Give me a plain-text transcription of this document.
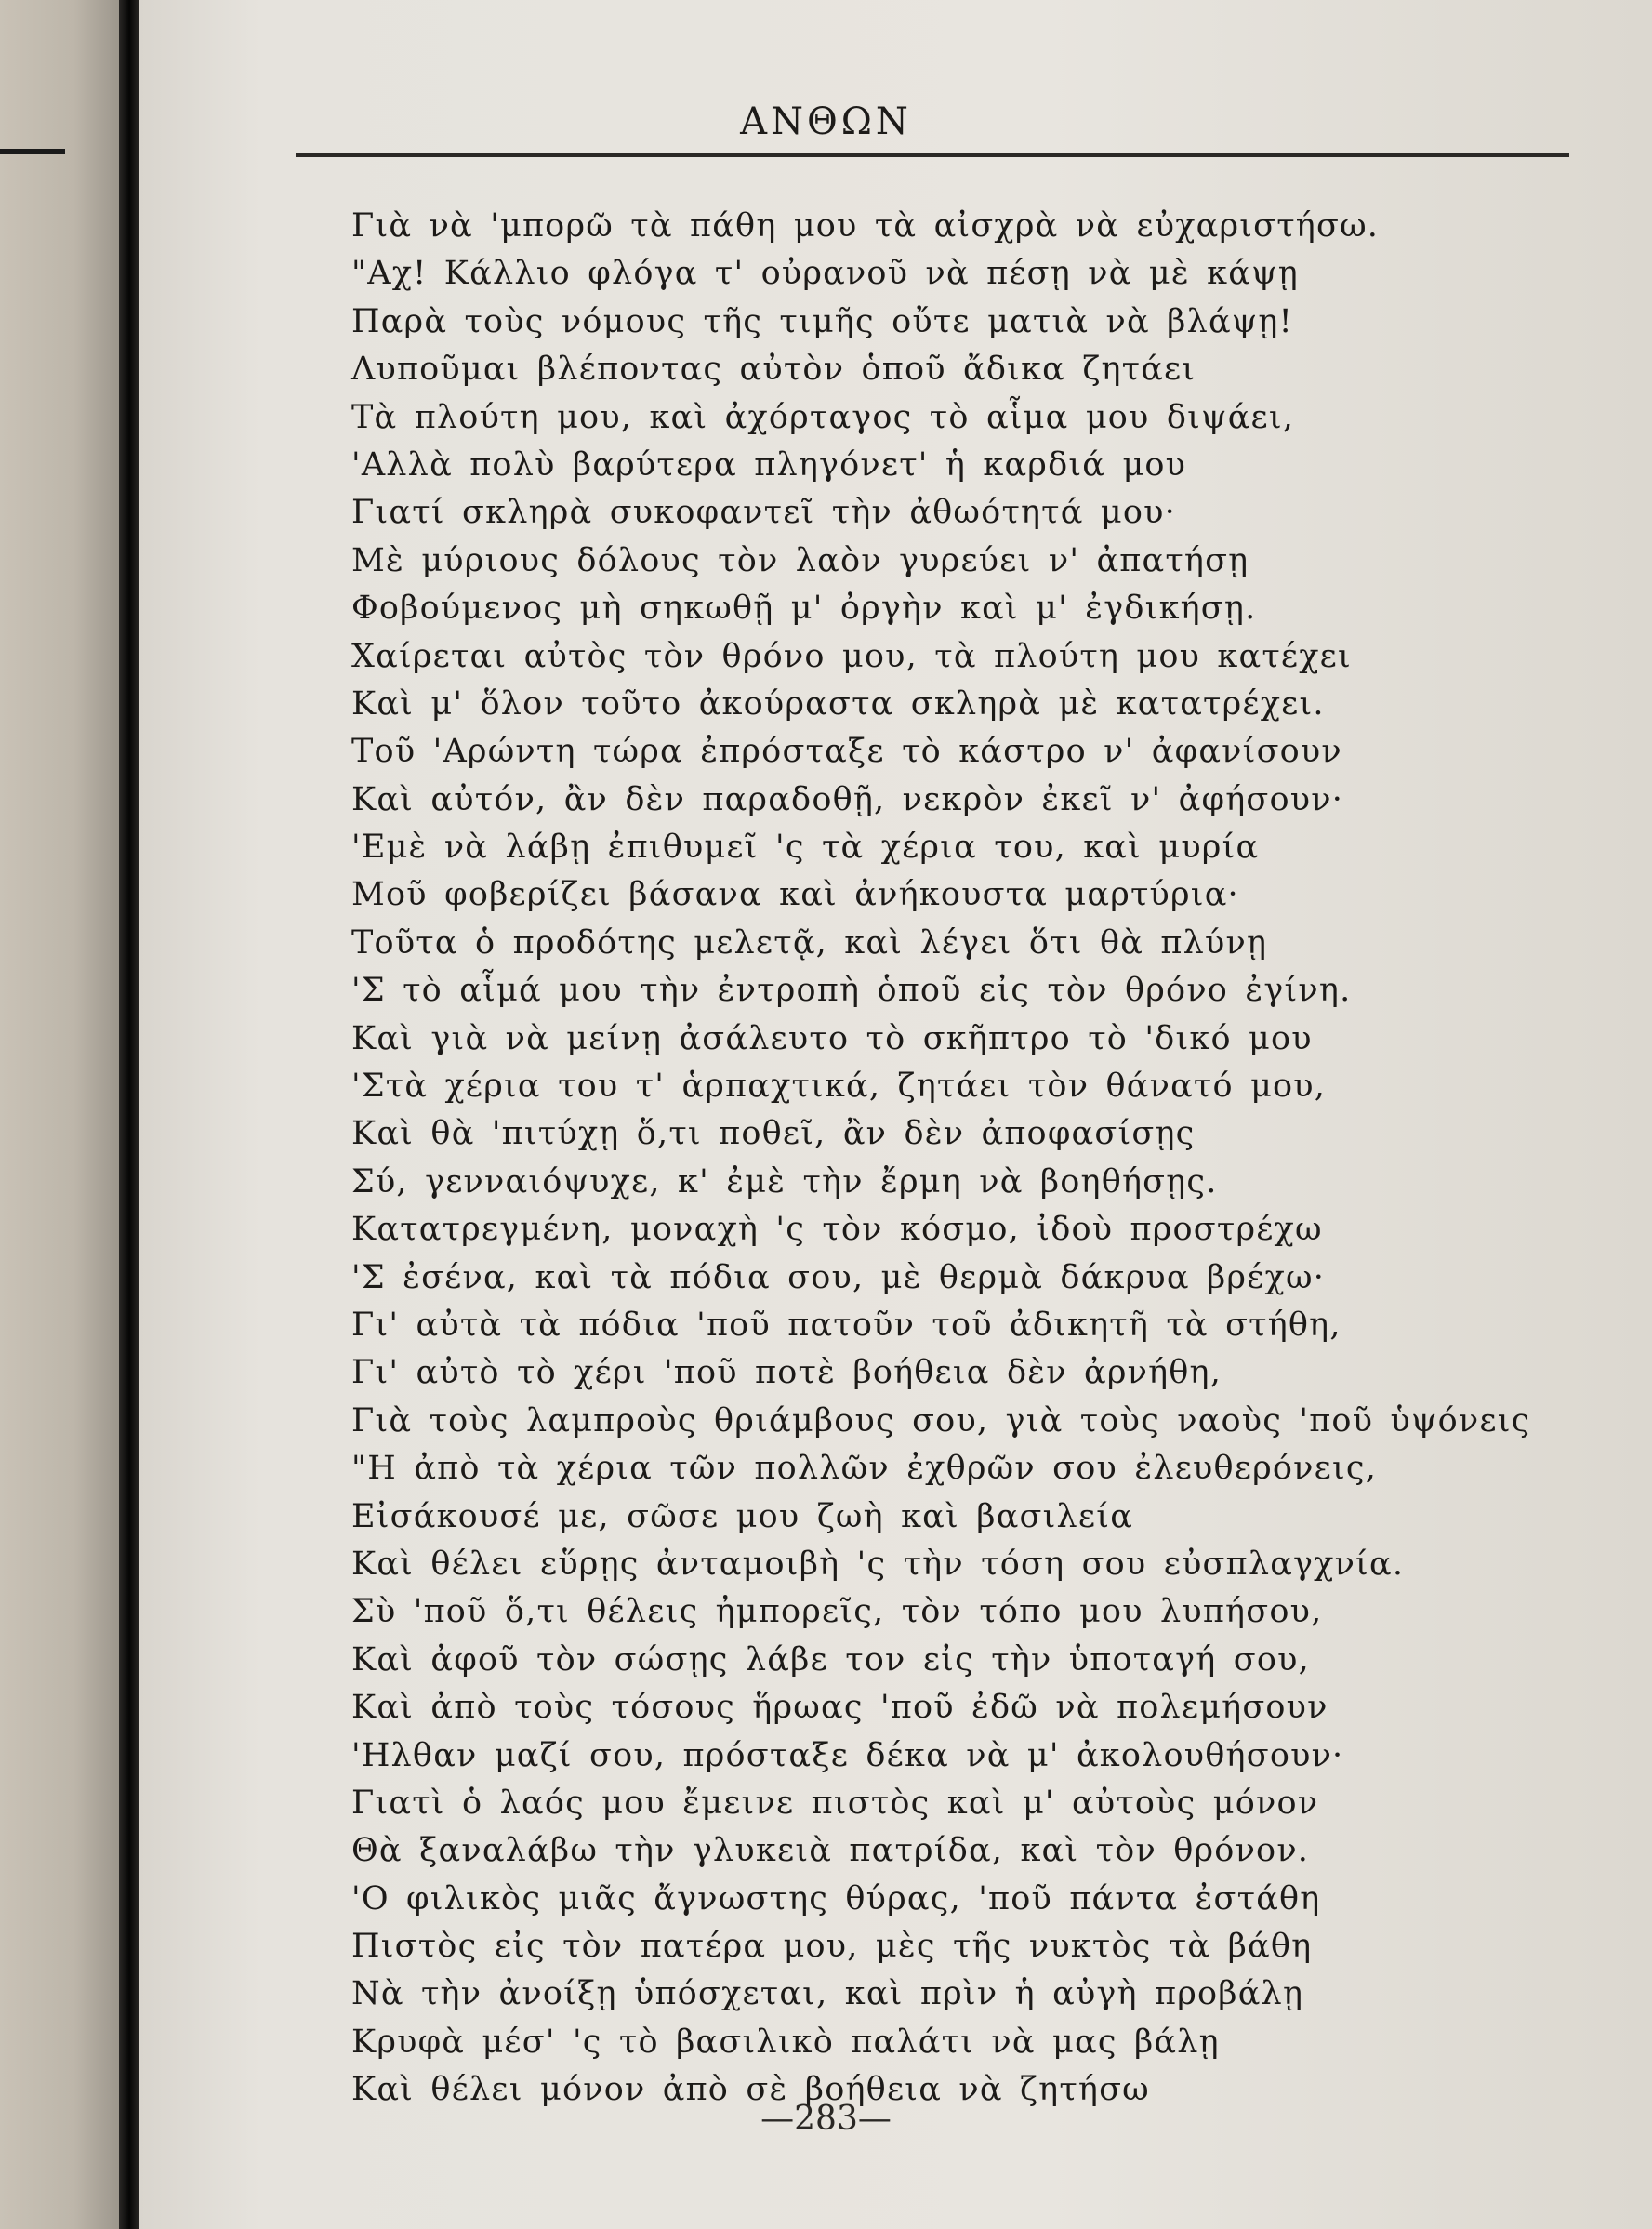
ΑΝΘΩΝ
Γιὰ νὰ 'μπορῶ τὰ πάθη μου τὰ αἰσχρὰ νὰ εὐχαριστήσω.
"Αχ! Κάλλιο φλόγα τ' οὐρανοῦ νὰ πέσῃ νὰ μὲ κάψῃ
Παρὰ τοὺς νόμους τῆς τιμῆς οὔτε ματιὰ νὰ βλάψῃ!
Λυποῦμαι βλέποντας αὐτὸν ὁποῦ ἄδικα ζητάει
Τὰ πλούτη μου, καὶ ἀχόρταγος τὸ αἷμα μου διψάει,
'Αλλὰ πολὺ βαρύτερα πληγόνετ' ἡ καρδιά μου
Γιατί σκληρὰ συκοφαντεῖ τὴν ἀθωότητά μου·
Μὲ μύριους δόλους τὸν λαὸν γυρεύει ν' ἀπατήσῃ
Φοβούμενος μὴ σηκωθῇ μ' ὀργὴν καὶ μ' ἐγδικήσῃ.
Χαίρεται αὐτὸς τὸν θρόνο μου, τὰ πλούτη μου κατέχει
Καὶ μ' ὅλον τοῦτο ἀκούραστα σκληρὰ μὲ κατατρέχει.
Τοῦ 'Αρώντη τώρα ἐπρόσταξε τὸ κάστρο ν' ἀφανίσουν
Καὶ αὐτόν, ἂν δὲν παραδοθῇ, νεκρὸν ἐκεῖ ν' ἀφήσουν·
'Εμὲ νὰ λάβῃ ἐπιθυμεῖ 'ς τὰ χέρια του, καὶ μυρία
Μοῦ φοβερίζει βάσανα καὶ ἀνήκουστα μαρτύρια·
Τοῦτα ὁ προδότης μελετᾷ, καὶ λέγει ὅτι θὰ πλύνῃ
'Σ τὸ αἷμά μου τὴν ἐντροπὴ ὁποῦ εἰς τὸν θρόνο ἐγίνη.
Καὶ γιὰ νὰ μείνῃ ἀσάλευτο τὸ σκῆπτρο τὸ 'δικό μου
'Στὰ χέρια του τ' ἁρπαχτικά, ζητάει τὸν θάνατό μου,
Καὶ θὰ 'πιτύχῃ ὅ,τι ποθεῖ, ἂν δὲν ἀποφασίσῃς
Σύ, γενναιόψυχε, κ' ἐμὲ τὴν ἔρμη νὰ βοηθήσῃς.
Κατατρεγμένη, μοναχὴ 'ς τὸν κόσμο, ἰδοὺ προστρέχω
'Σ ἐσένα, καὶ τὰ πόδια σου, μὲ θερμὰ δάκρυα βρέχω·
Γι' αὐτὰ τὰ πόδια 'ποῦ πατοῦν τοῦ ἀδικητῆ τὰ στήθη,
Γι' αὐτὸ τὸ χέρι 'ποῦ ποτὲ βοήθεια δὲν ἀρνήθη,
Γιὰ τοὺς λαμπροὺς θριάμβους σου, γιὰ τοὺς ναοὺς 'ποῦ ὑψόνεις
"Η ἀπὸ τὰ χέρια τῶν πολλῶν ἐχθρῶν σου ἐλευθερόνεις,
Εἰσάκουσέ με, σῶσε μου ζωὴ καὶ βασιλεία
Καὶ θέλει εὕρῃς ἀνταμοιβὴ 'ς τὴν τόση σου εὐσπλαγχνία.
Σὺ 'ποῦ ὅ,τι θέλεις ἠμπορεῖς, τὸν τόπο μου λυπήσου,
Καὶ ἀφοῦ τὸν σώσῃς λάβε τον εἰς τὴν ὑποταγή σου,
Καὶ ἀπὸ τοὺς τόσους ἥρωας 'ποῦ ἐδῶ νὰ πολεμήσουν
'Ηλθαν μαζί σου, πρόσταξε δέκα νὰ μ' ἀκολουθήσουν·
Γιατὶ ὁ λαός μου ἔμεινε πιστὸς καὶ μ' αὐτοὺς μόνον
Θὰ ξαναλάβω τὴν γλυκειὰ πατρίδα, καὶ τὸν θρόνον.
'Ο φιλικὸς μιᾶς ἄγνωστης θύρας, 'ποῦ πάντα ἐστάθη
Πιστὸς εἰς τὸν πατέρα μου, μὲς τῆς νυκτὸς τὰ βάθη
Νὰ τὴν ἀνοίξῃ ὑπόσχεται, καὶ πρὶν ἡ αὐγὴ προβάλῃ
Κρυφὰ μέσ' 'ς τὸ βασιλικὸ παλάτι νὰ μας βάλῃ
Καὶ θέλει μόνον ἀπὸ σὲ βοήθεια νὰ ζητήσω
—283—
